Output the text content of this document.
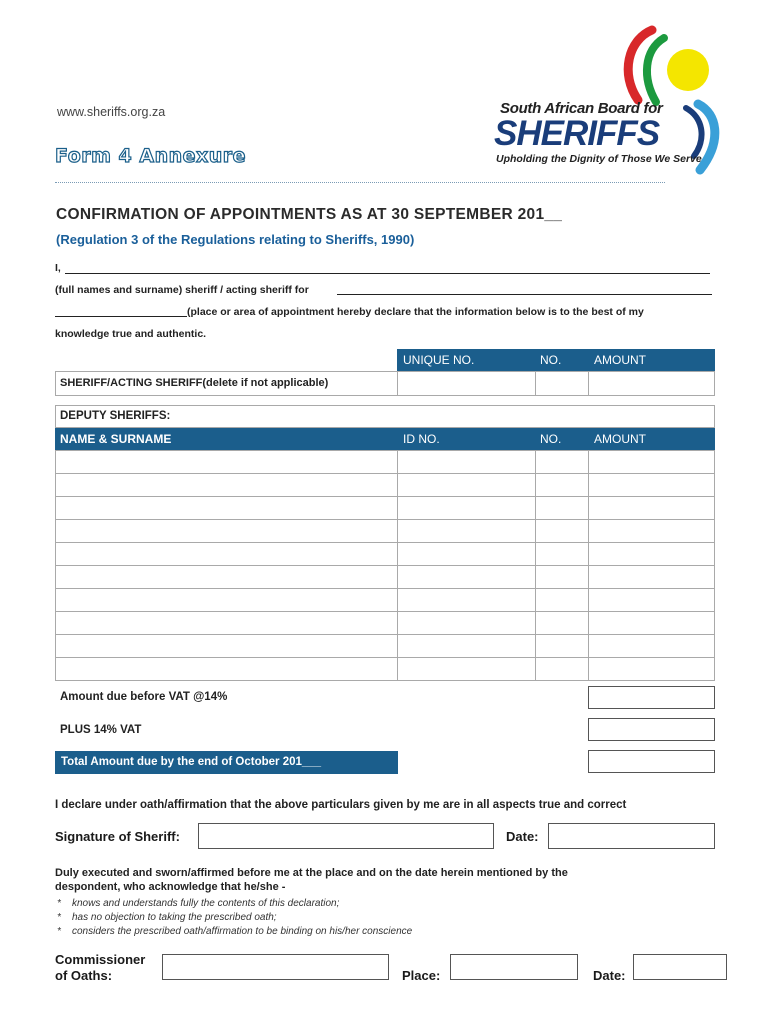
www.sheriffs.org.za
Form 4 Annexure
South African Board for
SHERIFFS
Upholding the Dignity of Those We Serve
CONFIRMATION OF APPOINTMENTS AS AT 30 SEPTEMBER 201__
(Regulation 3 of the Regulations relating to Sheriffs, 1990)
I,
(full names and surname) sheriff / acting sheriff for
(place or area of appointment hereby declare that the information below is to the best of my
knowledge true and authentic.
UNIQUE NO.	NO.	AMOUNT
SHERIFF/ACTING SHERIFF(delete if not applicable)
DEPUTY SHERIFFS:
NAME & SURNAME	ID NO.	NO.	AMOUNT
Amount due before VAT @14%
PLUS 14% VAT
Total Amount due by the end of October 201___
I declare under oath/affirmation that the above particulars given by me are in all aspects true and correct
Signature of Sheriff:	Date:
Duly executed and sworn/affirmed before me at the place and on the date herein mentioned by the
despondent, who acknowledge that he/she -
* knows and understands fully the contents of this declaration;
* has no objection to taking the prescribed oath;
* considers the prescribed oath/affirmation to be binding on his/her conscience
Commissioner
of Oaths:	Place:	Date:
